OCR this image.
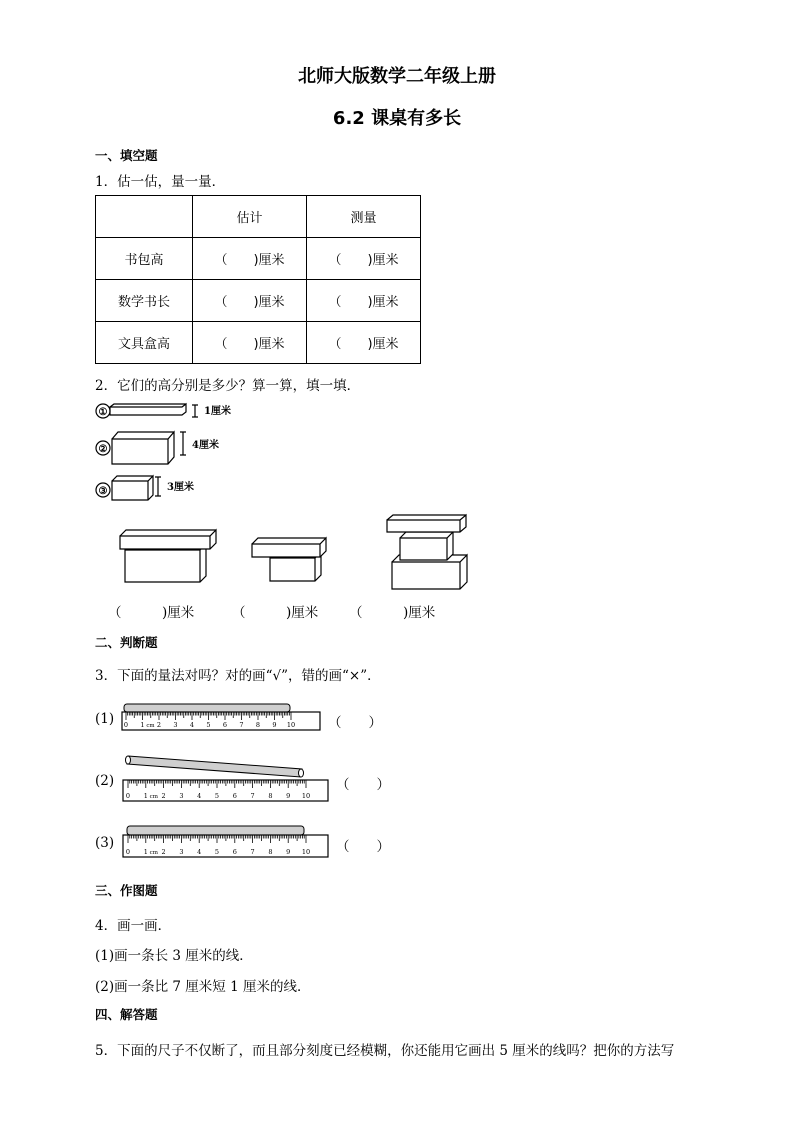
北师大版数学二年级上册
6.2 课桌有多长
一、填空题
1．估一估，量一量．
	估计	测量
书包高	（　　)厘米	（　　)厘米
数学书长	（　　)厘米	（　　)厘米
文具盒高	（　　)厘米	（　　)厘米
2．它们的高分别是多少？算一算，填一填．
①
②
③
1厘米
4厘米
3厘米
（　　　)厘米	（　　　)厘米 （　　　)厘米
二、判断题
3．下面的量法对吗？对的画“√”，错的画“×”．
(1)
(2)
(3)
0 1 2 3 4 5 6 7 8 9 10
cm
0 1 2 3 4 5 6 7 8 9 10
cm
0 1 2 3 4 5 6 7 8 9 10
cm
（　　）
（　　）
（　　）
三、作图题
4．画一画．
(1)画一条长 3 厘米的线．
(2)画一条比 7 厘米短 1 厘米的线．
四、解答题
5．下面的尺子不仅断了，而且部分刻度已经模糊，你还能用它画出 5 厘米的线吗？把你的方法写
